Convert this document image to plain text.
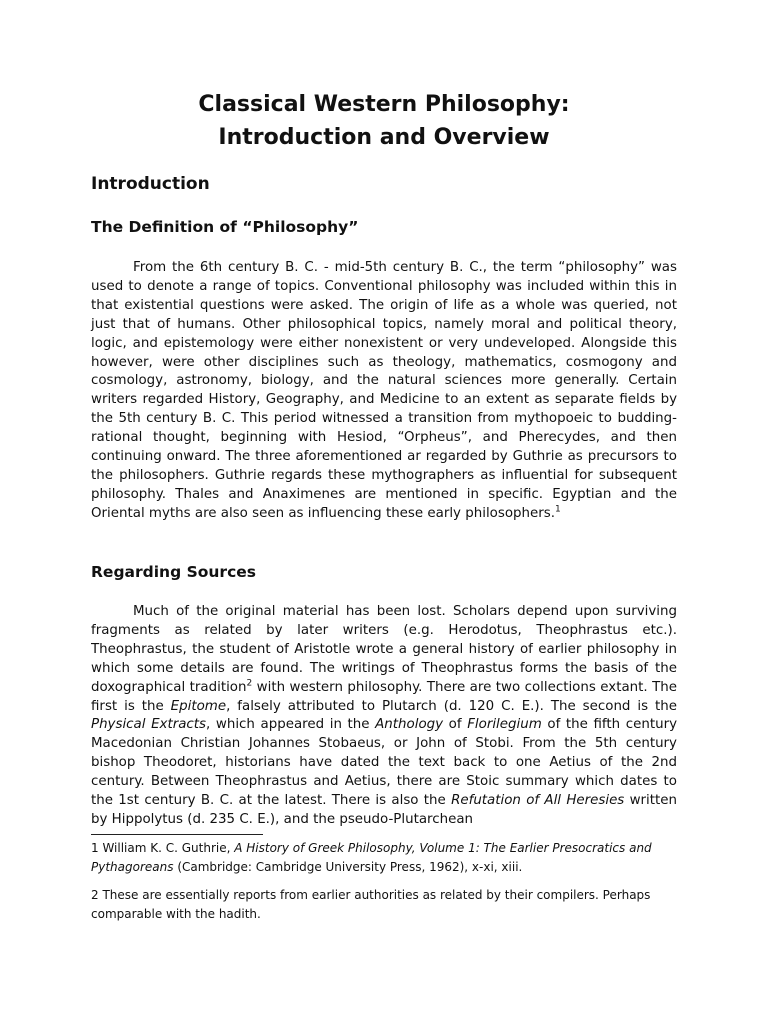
Classical Western Philosophy:
Introduction and Overview
Introduction
The Definition of “Philosophy”

From the 6th century B. C. - mid-5th century B. C., the term “philosophy” was used to denote a range of topics. Conventional philosophy was included within this in that existential questions were asked. The origin of life as a whole was queried, not just that of humans. Other philosophical topics, namely moral and political theory, logic, and epistemology were either nonexistent or very undeveloped. Alongside this however, were other disciplines such as theology, mathematics, cosmogony and cosmology, astronomy, biology, and the natural sciences more generally. Certain writers regarded History, Geography, and Medicine to an extent as separate fields by the 5th century B. C. This period witnessed a transition from mythopoeic to budding-rational thought, beginning with Hesiod, “Orpheus”, and Pherecydes, and then continuing onward. The three aforementioned ar regarded by Guthrie as precursors to the philosophers. Guthrie regards these mythographers as influential for subsequent philosophy. Thales and Anaximenes are mentioned in specific. Egyptian and the Oriental myths are also seen as influencing these early philosophers.$^1$

Regarding Sources

Much of the original material has been lost. Scholars depend upon surviving fragments as related by later writers (e.g. Herodotus, Theophrastus etc.). Theophrastus, the student of Aristotle wrote a general history of earlier philosophy in which some details are found. The writings of Theophrastus forms the basis of the doxographical tradition$^2$ with western philosophy. There are two collections extant. The first is the Epitome, falsely attributed to Plutarch (d. 120 C. E.). The second is the Physical Extracts, which appeared in the Anthology of Florilegium of the fifth century Macedonian Christian Johannes Stobaeus, or John of Stobi. From the 5th century bishop Theodoret, historians have dated the text back to one Aetius of the 2nd century. Between Theophrastus and Aetius, there are Stoic summary which dates to the 1st century B. C. at the latest. There is also the Refutation of All Heresies written by Hippolytus (d. 235 C. E.), and the pseudo-Plutarchean

1 William K. C. Guthrie, A History of Greek Philosophy, Volume 1: The Earlier Presocratics and Pythagoreans (Cambridge: Cambridge University Press, 1962), x-xi, xiii.

2 These are essentially reports from earlier authorities as related by their compilers. Perhaps comparable with the hadith.
